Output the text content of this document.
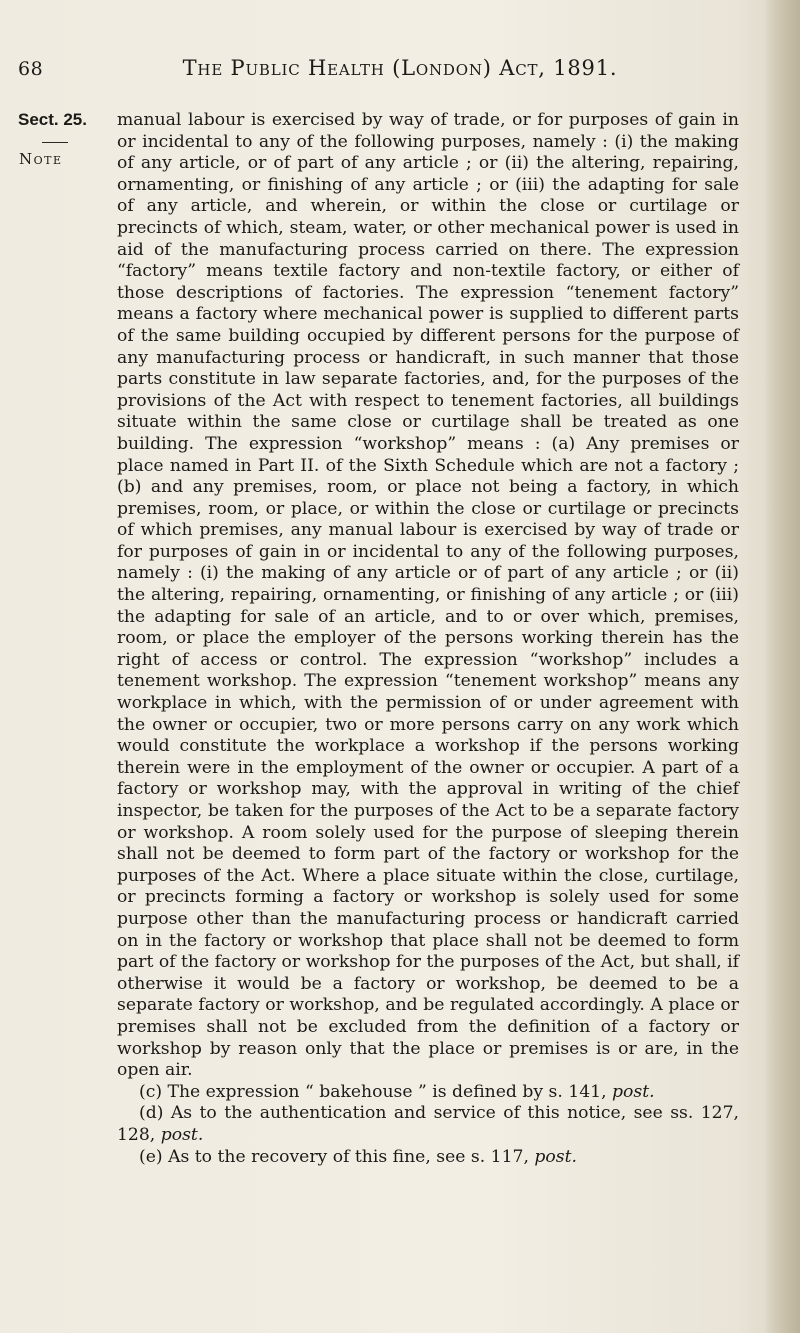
68	The Public Health (London) Act, 1891.
Sect. 25.
Note

manual labour is exercised by way of trade, or for purposes of gain in or incidental to any of the following purposes, namely : (i) the making of any article, or of part of any article ; or (ii) the altering, repairing, ornamenting, or finishing of any article ; or (iii) the adapting for sale of any article, and wherein, or within the close or curtilage or precincts of which, steam, water, or other mechanical power is used in aid of the manufacturing process carried on there. The expression “factory” means textile factory and non-textile factory, or either of those descriptions of factories. The expression “tenement factory” means a factory where mechanical power is supplied to different parts of the same building occupied by different persons for the purpose of any manufacturing process or handicraft, in such manner that those parts constitute in law separate factories, and, for the purposes of the provisions of the Act with respect to tenement factories, all buildings situate within the same close or curtilage shall be treated as one building. The expression “workshop” means : (a) Any premises or place named in Part II. of the Sixth Schedule which are not a factory ; (b) and any premises, room, or place not being a factory, in which premises, room, or place, or within the close or curtilage or precincts of which premises, any manual labour is exercised by way of trade or for purposes of gain in or incidental to any of the following purposes, namely : (i) the making of any article or of part of any article ; or (ii) the altering, repairing, ornamenting, or finishing of any article ; or (iii) the adapting for sale of an article, and to or over which, premises, room, or place the employer of the persons working therein has the right of access or control. The expression “workshop” includes a tenement workshop. The expression “tenement workshop” means any workplace in which, with the permission of or under agreement with the owner or occupier, two or more persons carry on any work which would constitute the workplace a workshop if the persons working therein were in the employment of the owner or occupier. A part of a factory or workshop may, with the approval in writing of the chief inspector, be taken for the purposes of the Act to be a separate factory or workshop. A room solely used for the purpose of sleeping therein shall not be deemed to form part of the factory or workshop for the purposes of the Act. Where a place situate within the close, curtilage, or precincts forming a factory or workshop is solely used for some purpose other than the manufacturing process or handicraft carried on in the factory or workshop that place shall not be deemed to form part of the factory or workshop for the purposes of the Act, but shall, if otherwise it would be a factory or workshop, be deemed to be a separate factory or workshop, and be regulated accordingly. A place or premises shall not be excluded from the definition of a factory or workshop by reason only that the place or premises is or are, in the open air.

(c) The expression “ bakehouse ” is defined by s. 141, post.

(d) As to the authentication and service of this notice, see ss. 127, 128, post.

(e) As to the recovery of this fine, see s. 117, post.
